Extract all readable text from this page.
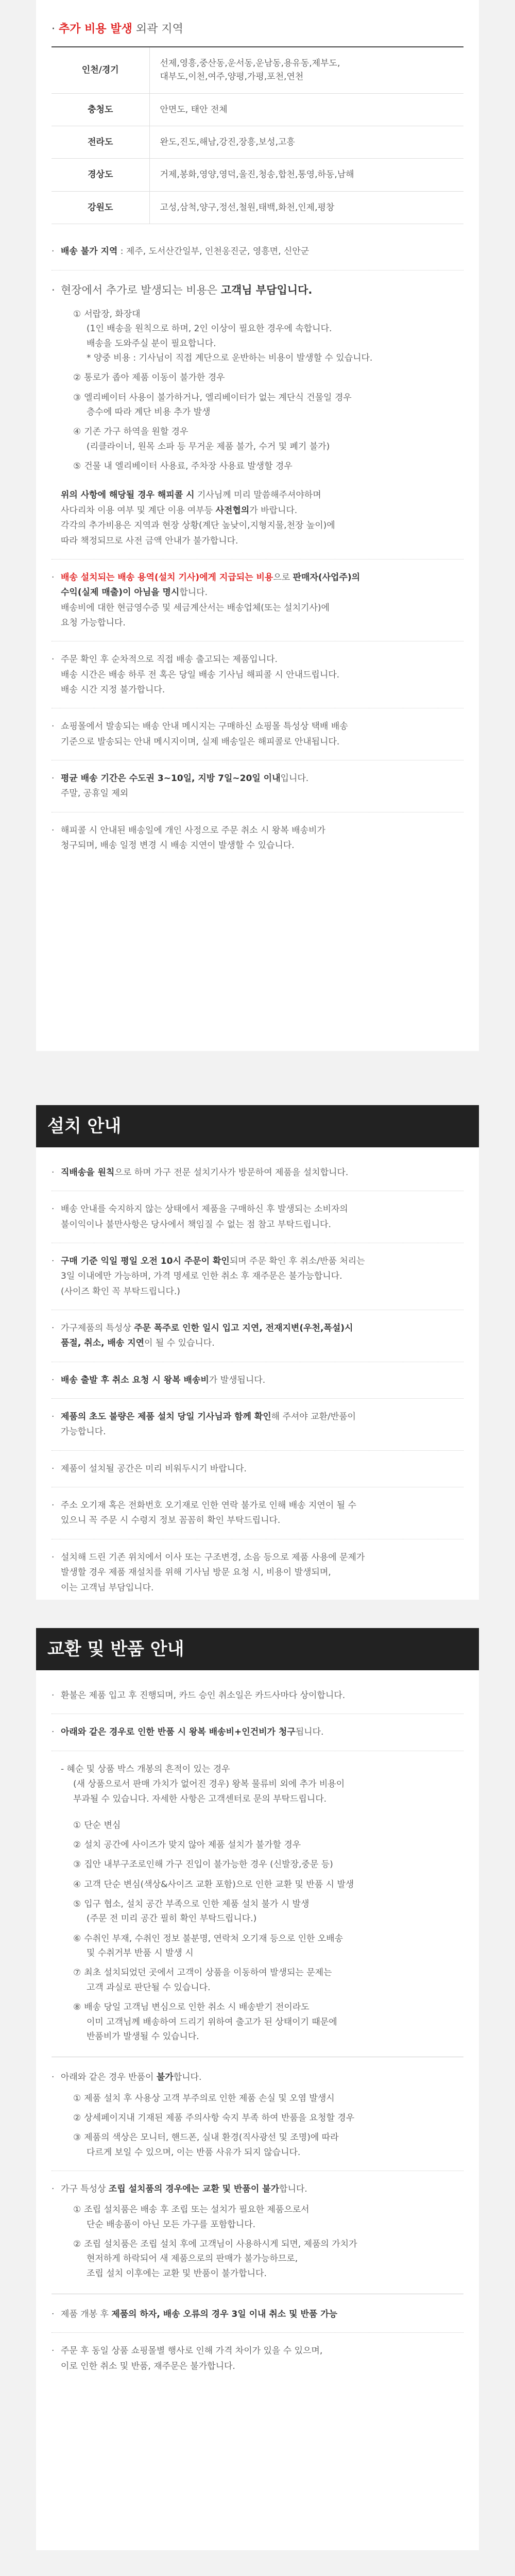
· 추가 비용 발생 외곽 지역
인천/경기	선제,영흥,중산동,운서동,운남동,용유동,제부도,
대부도,이천,여주,양평,가평,포천,연천

충청도	안면도, 태안 전체

전라도	완도,진도,해남,강진,장흥,보성,고흥

경상도	거제,봉화,영양,영덕,울진,청송,합천,통영,하동,남해

강원도	고성,삼척,양구,정선,철원,태백,화천,인제,평창
· 배송 불가 지역 : 제주, 도서산간일부, 인천옹진군, 영흥면, 신안군
· 현장에서 추가로 발생되는 비용은 고객님 부담입니다.
① 서랍장, 화장대
(1인 배송을 원칙으로 하며, 2인 이상이 필요한 경우에 속합니다.
배송을 도와주실 분이 필요합니다.
* 양중 비용 : 기사님이 직접 계단으로 운반하는 비용이 발생할 수 있습니다.
② 통로가 좁아 제품 이동이 불가한 경우
③ 엘리베이터 사용이 불가하거나, 엘리베이터가 없는 계단식 건물일 경우
층수에 따라 계단 비용 추가 발생
④ 기존 가구 하역을 원할 경우
(리클라이너, 원목 소파 등 무거운 제품 불가, 수거 및 폐기 불가)
⑤ 건물 내 엘리베이터 사용료, 주차장 사용료 발생할 경우
위의 사항에 해당될 경우 해피콜 시 기사님께 미리 말씀해주셔야하며
사다리차 이용 여부 및 계단 이용 여부등 사전협의가 바랍니다.
각각의 추가비용은 지역과 현장 상황(계단 높낮이,지형지물,천장 높이)에
따라 책정되므로 사전 금액 안내가 불가합니다.
· 배송 설치되는 배송 용역(설치 기사)에게 지급되는 비용으로 판매자(사업주)의
수익(실제 매출)이 아님을 명시합니다.
배송비에 대한 현금영수증 및 세금계산서는 배송업체(또는 설치기사)에
요청 가능합니다.
· 주문 확인 후 순차적으로 직접 배송 출고되는 제품입니다.
배송 시간은 배송 하루 전 혹은 당일 배송 기사님 해피콜 시 안내드립니다.
배송 시간 지정 불가합니다.
· 쇼핑몰에서 발송되는 배송 안내 메시지는 구매하신 쇼핑몰 특성상 택배 배송
기준으로 발송되는 안내 메시지이며, 실제 배송일은 해피콜로 안내됩니다.
· 평균 배송 기간은 수도권 3~10일, 지방 7일~20일 이내입니다.
주말, 공휴일 제외
· 해피콜 시 안내된 배송일에 개인 사정으로 주문 취소 시 왕복 배송비가
청구되며, 배송 일정 변경 시 배송 지연이 발생할 수 있습니다.
설치 안내
· 직배송을 원칙으로 하며 가구 전문 설치기사가 방문하여 제품을 설치합니다.
· 배송 안내를 숙지하지 않는 상태에서 제품을 구매하신 후 발생되는 소비자의
불이익이나 불만사항은 당사에서 책임질 수 없는 점 참고 부탁드립니다.
· 구매 기준 익일 평일 오전 10시 주문이 확인되며 주문 확인 후 취소/반품 처리는
3일 이내에만 가능하며, 가격 명세로 인한 취소 후 재주문은 불가능합니다.
(사이즈 확인 꼭 부탁드립니다.)
· 가구제품의 특성상 주문 폭주로 인한 일시 입고 지연, 전재지변(우천,폭설)시
품절, 취소, 배송 지연이 될 수 있습니다.
· 배송 출발 후 취소 요청 시 왕복 배송비가 발생됩니다.
· 제품의 초도 불량은 제품 설치 당일 기사님과 함께 확인해 주셔야 교환/반품이
가능합니다.
· 제품이 설치될 공간은 미리 비워두시기 바랍니다.
· 주소 오기재 혹은 전화번호 오기재로 인한 연락 불가로 인해 배송 지연이 될 수
있으니 꼭 주문 시 수령지 정보 꼼꼼히 확인 부탁드립니다.
· 설치해 드린 기존 위치에서 이사 또는 구조변경, 소음 등으로 제품 사용에 문제가
발생할 경우 제품 재설치를 위해 기사님 방문 요청 시, 비용이 발생되며,
이는 고객님 부담입니다.
교환 및 반품 안내
· 환불은 제품 입고 후 진행되며, 카드 승인 취소일은 카드사마다 상이합니다.
· 아래와 같은 경우로 인한 반품 시 왕복 배송비+인건비가 청구됩니다.
- 혜순 및 상품 박스 개봉의 흔적이 있는 경우
(새 상품으로서 판매 가치가 없어진 경우) 왕복 물류비 외에 추가 비용이
부과될 수 있습니다. 자세한 사항은 고객센터로 문의 부탁드립니다.
① 단순 변심
② 설치 공간에 사이즈가 맞지 않아 제품 설치가 불가할 경우
③ 집안 내부구조로인해 가구 진입이 불가능한 경우 (신발장,중문 등)
④ 고객 단순 변심(색상&사이즈 교환 포함)으로 인한 교환 및 반품 시 발생
⑤ 입구 협소, 설치 공간 부족으로 인한 제품 설치 불가 시 발생
(주문 전 미리 공간 필히 확인 부탁드립니다.)
⑥ 수취인 부재, 수취인 정보 불분명, 연락처 오기재 등으로 인한 오배송
및 수취거부 반품 시 발생 시
⑦ 최초 설치되었던 곳에서 고객이 상품을 이동하여 발생되는 문제는
고객 과실로 판단될 수 있습니다.
⑧ 배송 당일 고객님 변심으로 인한 취소 시 배송받기 전이라도
이미 고객님께 배송하여 드리기 위하여 출고가 된 상태이기 때문에
반품비가 발생될 수 있습니다.
· 아래와 같은 경우 반품이 불가합니다.
① 제품 설치 후 사용상 고객 부주의로 인한 제품 손실 및 오염 발생시
② 상세페이지내 기재된 제품 주의사항 숙지 부족 하여 반품을 요청할 경우
③ 제품의 색상은 모니터, 핸드폰, 실내 환경(직사광선 및 조명)에 따라
다르게 보일 수 있으며, 이는 반품 사유가 되지 않습니다.
· 가구 특성상 조립 설치품의 경우에는 교환 및 반품이 불가합니다.
① 조립 설치품은 배송 후 조립 또는 설치가 필요한 제품으로서
단순 배송품이 아닌 모든 가구를 포함합니다.
② 조립 설치품은 조립 설치 후에 고객님이 사용하시게 되면, 제품의 가치가
현저하게 하락되어 새 제품으로의 판매가 불가능하므로,
조립 설치 이후에는 교환 및 반품이 불가합니다.
· 제품 개봉 후 제품의 하자, 배송 오류의 경우 3일 이내 취소 및 반품 가능
· 주문 후 동일 상품 쇼핑몰별 행사로 인해 가격 차이가 있을 수 있으며,
이로 인한 취소 및 반품, 재주문은 불가합니다.
